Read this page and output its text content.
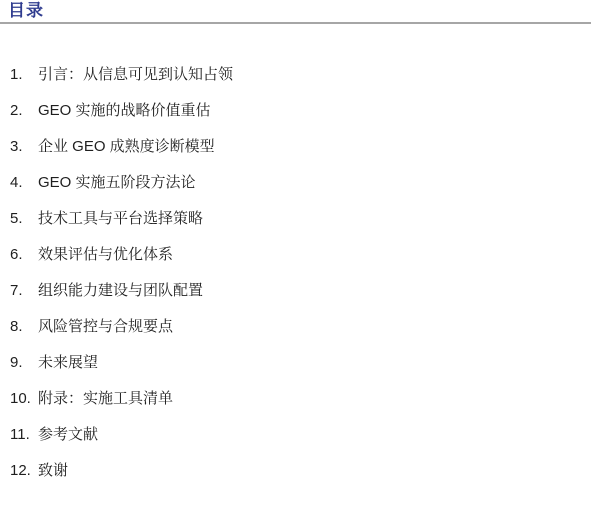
目录
1.	引言：从信息可见到认知占领
2.	GEO 实施的战略价值重估
3.	企业 GEO 成熟度诊断模型
4.	GEO 实施五阶段方法论
5.	技术工具与平台选择策略
6.	效果评估与优化体系
7.	组织能力建设与团队配置
8.	风险管控与合规要点
9.	未来展望
10. 附录：实施工具清单
11. 参考文献
12. 致谢
